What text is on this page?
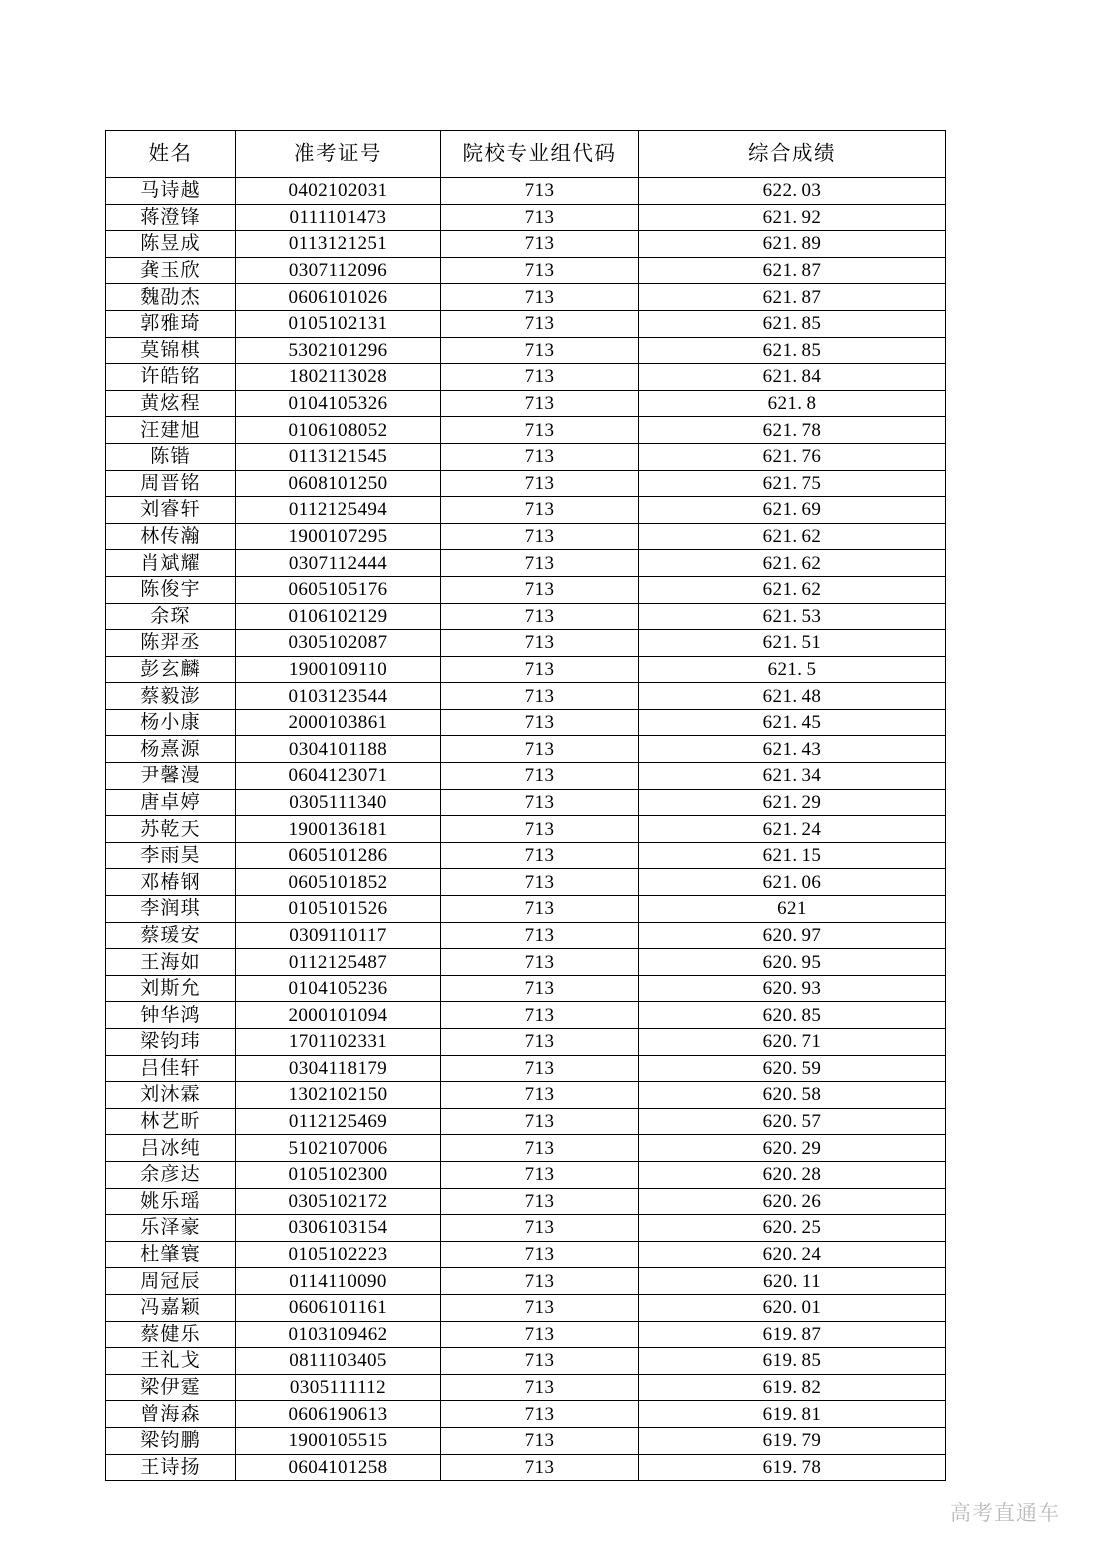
姓名	准考证号	院校专业组代码	综合成绩
马诗越	0402102031	713	622. 03
蒋澄锋	0111101473	713	621. 92
陈昱成	0113121251	713	621. 89
龚玉欣	0307112096	713	621. 87
魏劭杰	0606101026	713	621. 87
郭雅琦	0105102131	713	621. 85
莫锦棋	5302101296	713	621. 85
许皓铭	1802113028	713	621. 84
黄炫程	0104105326	713	621. 8
汪建旭	0106108052	713	621. 78
陈锴	0113121545	713	621. 76
周晋铭	0608101250	713	621. 75
刘睿轩	0112125494	713	621. 69
林传瀚	1900107295	713	621. 62
肖斌耀	0307112444	713	621. 62
陈俊宇	0605105176	713	621. 62
余琛	0106102129	713	621. 53
陈羿丞	0305102087	713	621. 51
彭玄麟	1900109110	713	621. 5
蔡毅澎	0103123544	713	621. 48
杨小康	2000103861	713	621. 45
杨熹源	0304101188	713	621. 43
尹馨漫	0604123071	713	621. 34
唐卓婷	0305111340	713	621. 29
苏乾天	1900136181	713	621. 24
李雨昊	0605101286	713	621. 15
邓椿钢	0605101852	713	621. 06
李润琪	0105101526	713	621
蔡瑗安	0309110117	713	620. 97
王海如	0112125487	713	620. 95
刘斯允	0104105236	713	620. 93
钟华鸿	2000101094	713	620. 85
梁钧玮	1701102331	713	620. 71
吕佳轩	0304118179	713	620. 59
刘沐霖	1302102150	713	620. 58
林艺昕	0112125469	713	620. 57
吕冰纯	5102107006	713	620. 29
余彦达	0105102300	713	620. 28
姚乐瑶	0305102172	713	620. 26
乐泽豪	0306103154	713	620. 25
杜肇寰	0105102223	713	620. 24
周冠辰	0114110090	713	620. 11
冯嘉颖	0606101161	713	620. 01
蔡健乐	0103109462	713	619. 87
王礼戈	0811103405	713	619. 85
梁伊霆	0305111112	713	619. 82
曾海森	0606190613	713	619. 81
梁钧鹏	1900105515	713	619. 79
王诗扬	0604101258	713	619. 78
高考直通车
